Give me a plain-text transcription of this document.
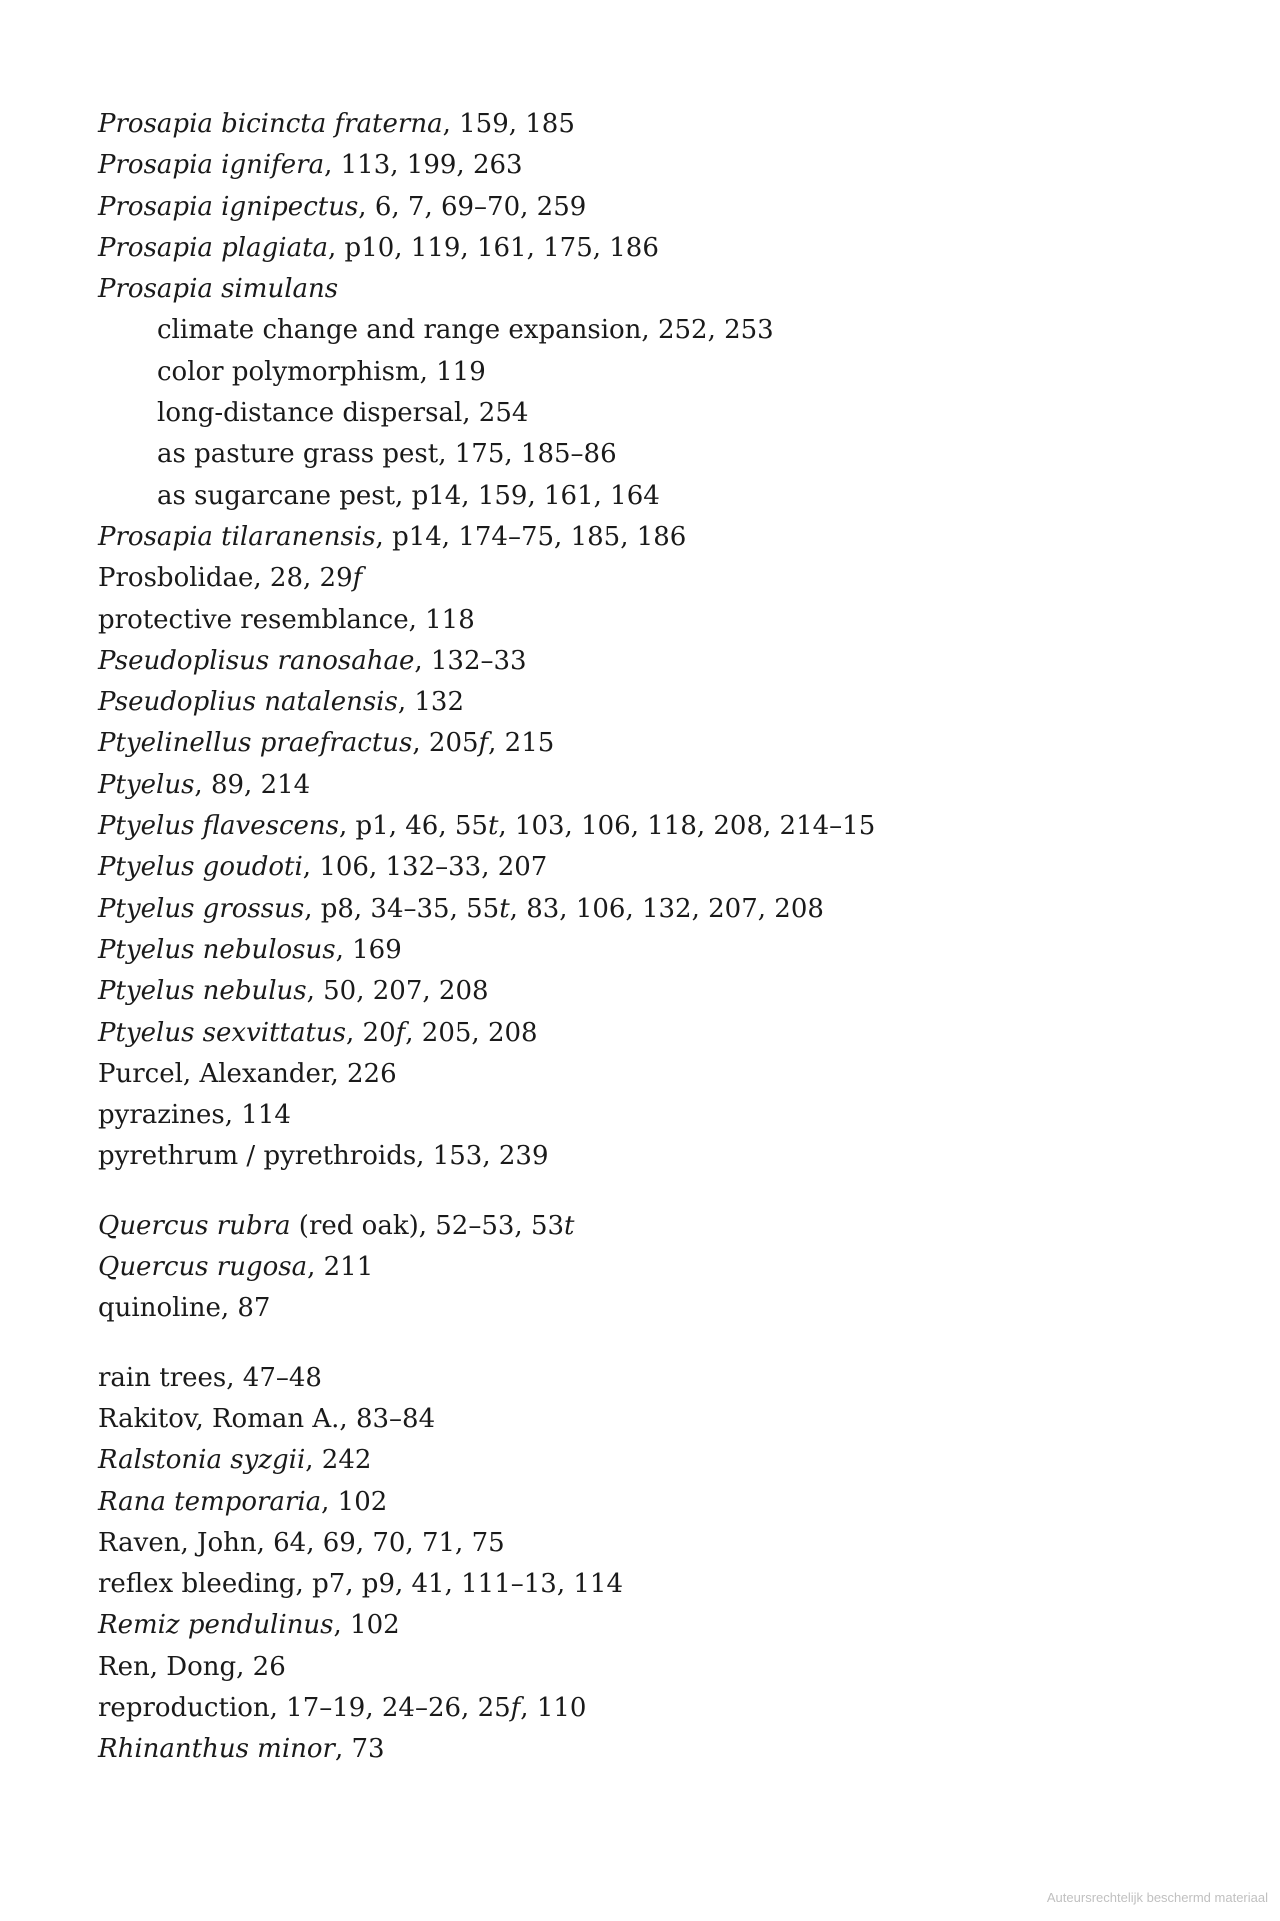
Prosapia bicincta fraterna, 159, 185
Prosapia ignifera, 113, 199, 263
Prosapia ignipectus, 6, 7, 69–70, 259
Prosapia plagiata, p10, 119, 161, 175, 186
Prosapia simulans
climate change and range expansion, 252, 253
color polymorphism, 119
long-distance dispersal, 254
as pasture grass pest, 175, 185–86
as sugarcane pest, p14, 159, 161, 164
Prosapia tilaranensis, p14, 174–75, 185, 186
Prosbolidae, 28, 29f
protective resemblance, 118
Pseudoplisus ranosahae, 132–33
Pseudoplius natalensis, 132
Ptyelinellus praefractus, 205f, 215
Ptyelus, 89, 214
Ptyelus flavescens, p1, 46, 55t, 103, 106, 118, 208, 214–15
Ptyelus goudoti, 106, 132–33, 207
Ptyelus grossus, p8, 34–35, 55t, 83, 106, 132, 207, 208
Ptyelus nebulosus, 169
Ptyelus nebulus, 50, 207, 208
Ptyelus sexvittatus, 20f, 205, 208
Purcel, Alexander, 226
pyrazines, 114
pyrethrum / pyrethroids, 153, 239
Quercus rubra (red oak), 52–53, 53t
Quercus rugosa, 211
quinoline, 87
rain trees, 47–48
Rakitov, Roman A., 83–84
Ralstonia syzgii, 242
Rana temporaria, 102
Raven, John, 64, 69, 70, 71, 75
reflex bleeding, p7, p9, 41, 111–13, 114
Remiz pendulinus, 102
Ren, Dong, 26
reproduction, 17–19, 24–26, 25f, 110
Rhinanthus minor, 73
Auteursrechtelijk beschermd materiaal
